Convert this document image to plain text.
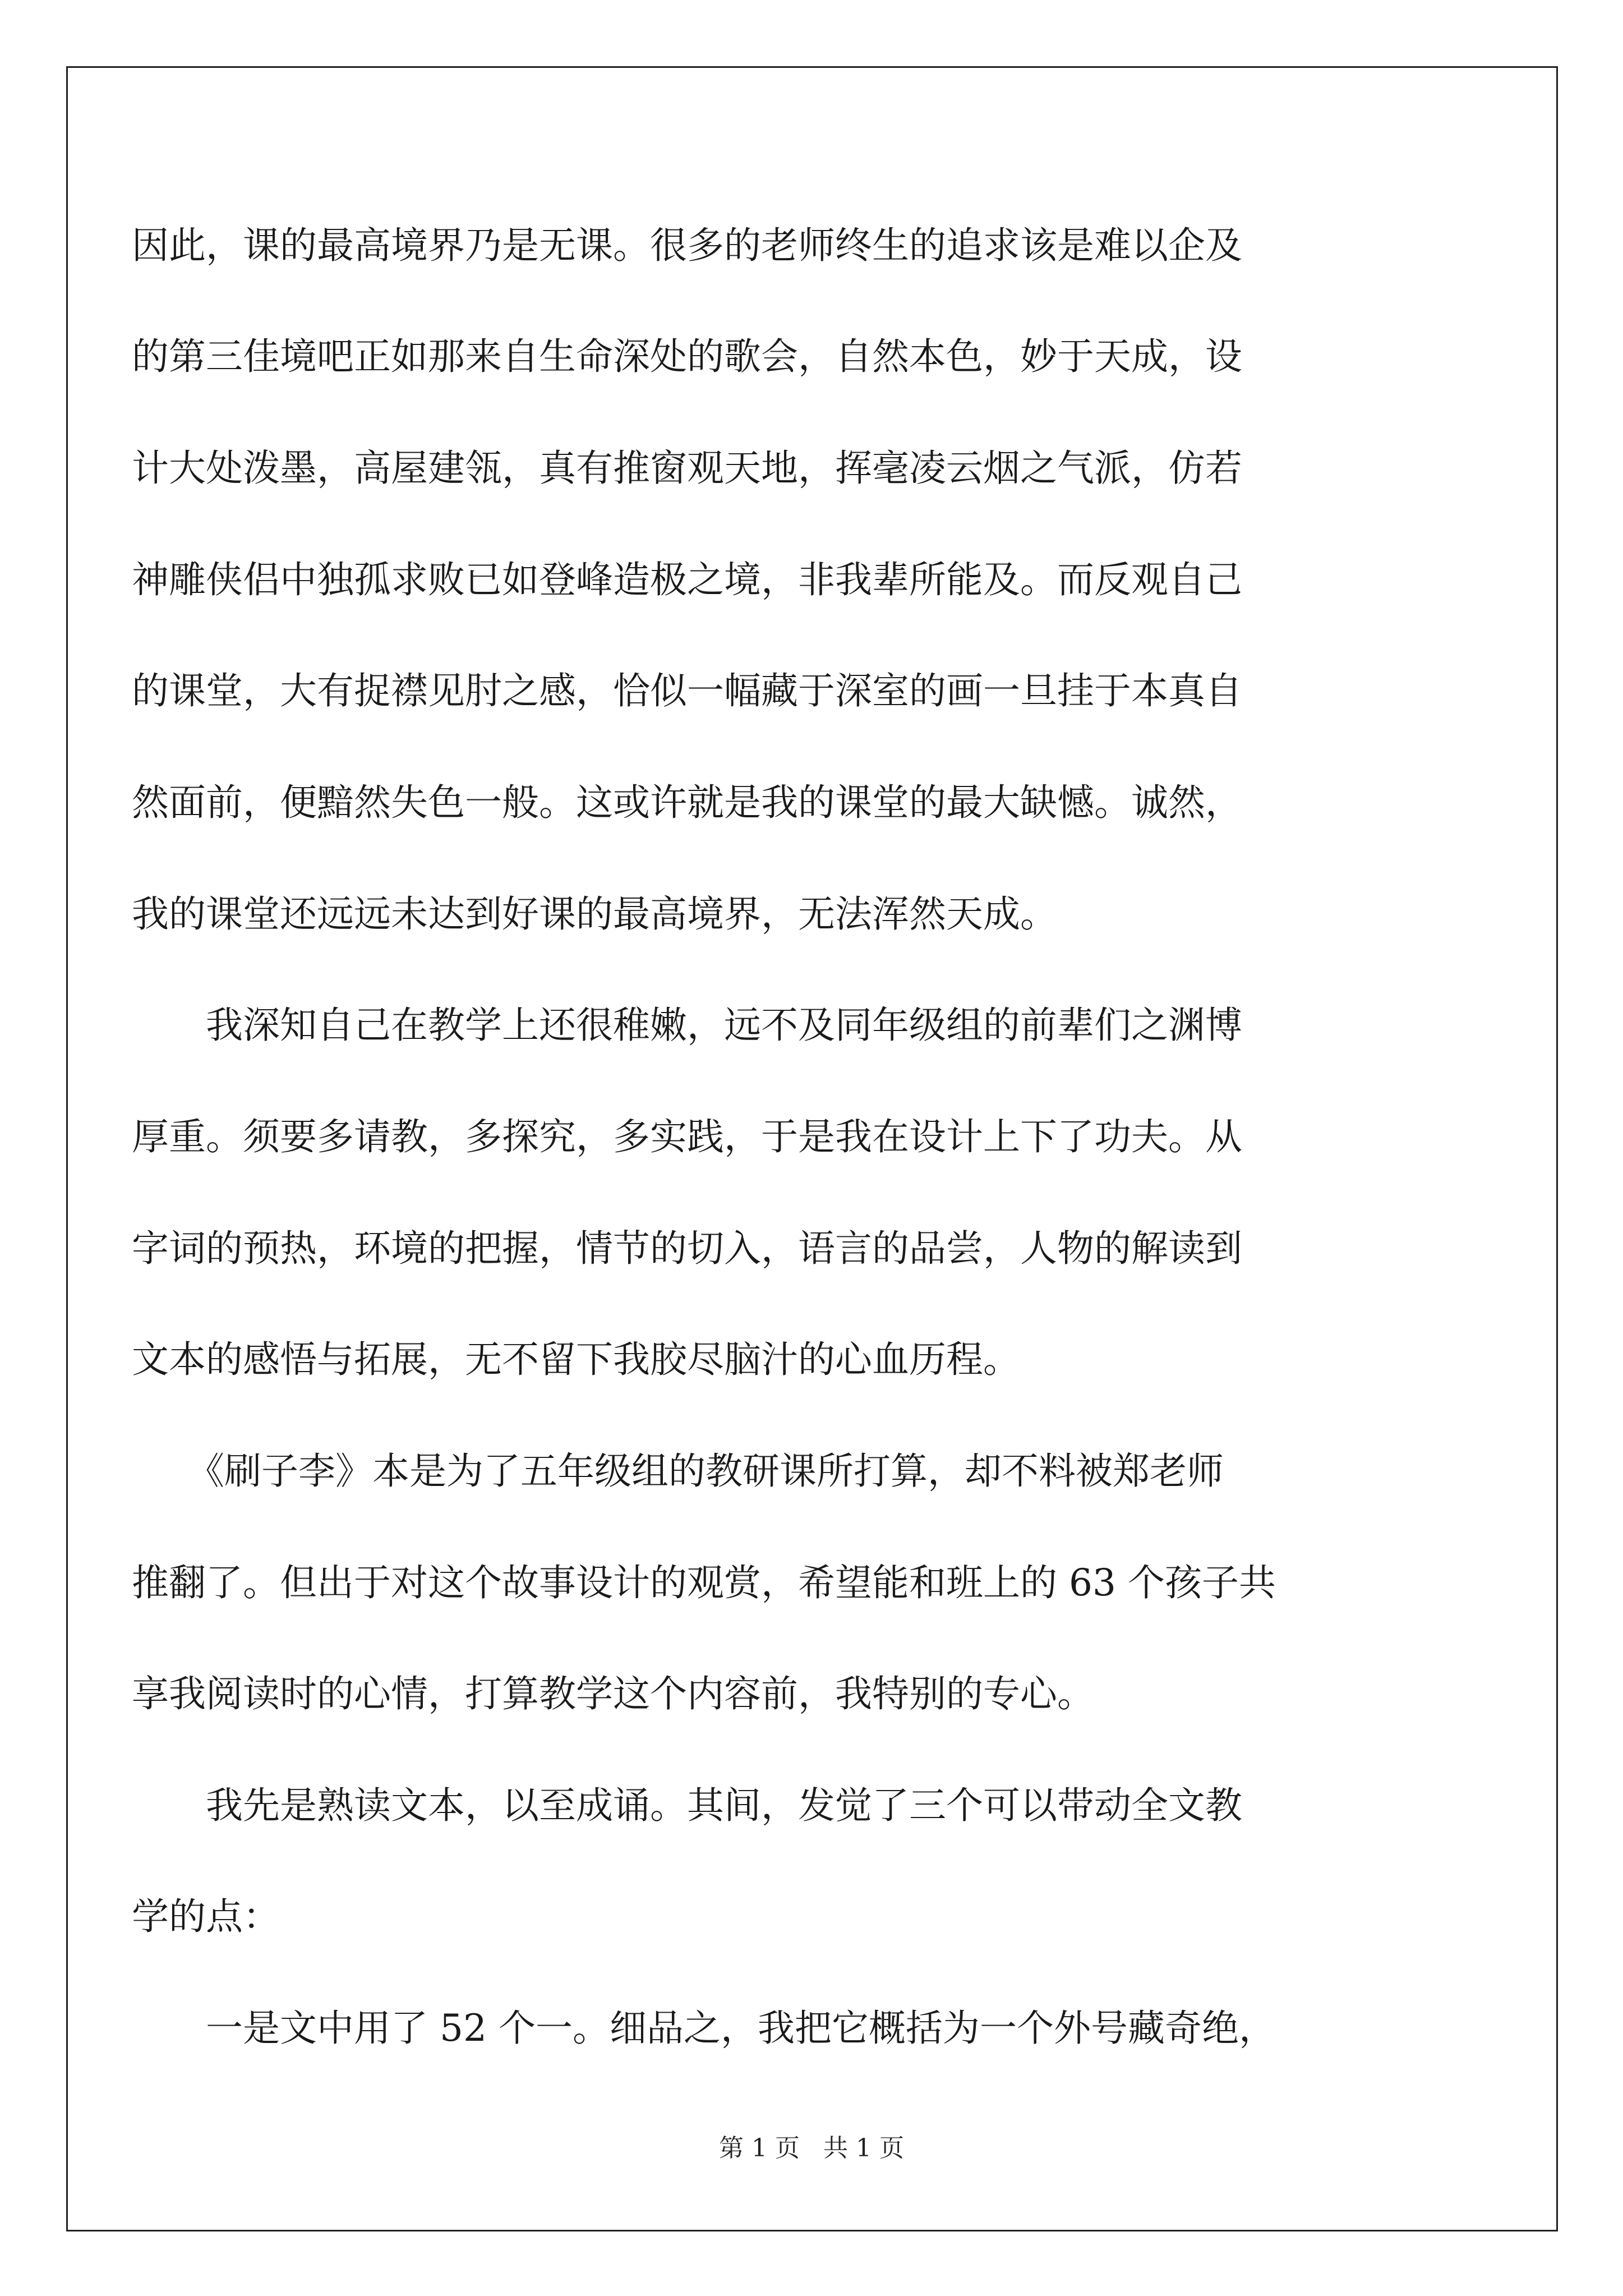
因此，课的最高境界乃是无课。很多的老师终生的追求该是难以企及
的第三佳境吧正如那来自生命深处的歌会，自然本色，妙于天成，设
计大处泼墨，高屋建瓴，真有推窗观天地，挥毫凌云烟之气派，仿若
神雕侠侣中独孤求败已如登峰造极之境，非我辈所能及。而反观自己
的课堂，大有捉襟见肘之感，恰似一幅藏于深室的画一旦挂于本真自
然面前，便黯然失色一般。这或许就是我的课堂的最大缺憾。诚然，
我的课堂还远远未达到好课的最高境界，无法浑然天成。
　　我深知自己在教学上还很稚嫩，远不及同年级组的前辈们之渊博
厚重。须要多请教，多探究，多实践，于是我在设计上下了功夫。从
字词的预热，环境的把握，情节的切入，语言的品尝，人物的解读到
文本的感悟与拓展，无不留下我胶尽脑汁的心血历程。
　　《刷子李》本是为了五年级组的教研课所打算，却不料被郑老师
推翻了。但出于对这个故事设计的观赏，希望能和班上的 63 个孩子共
享我阅读时的心情，打算教学这个内容前，我特别的专心。
　　我先是熟读文本，以至成诵。其间，发觉了三个可以带动全文教
学的点：
　　一是文中用了 52 个一。细品之，我把它概括为一个外号藏奇绝，
第 1 页 共 1 页
